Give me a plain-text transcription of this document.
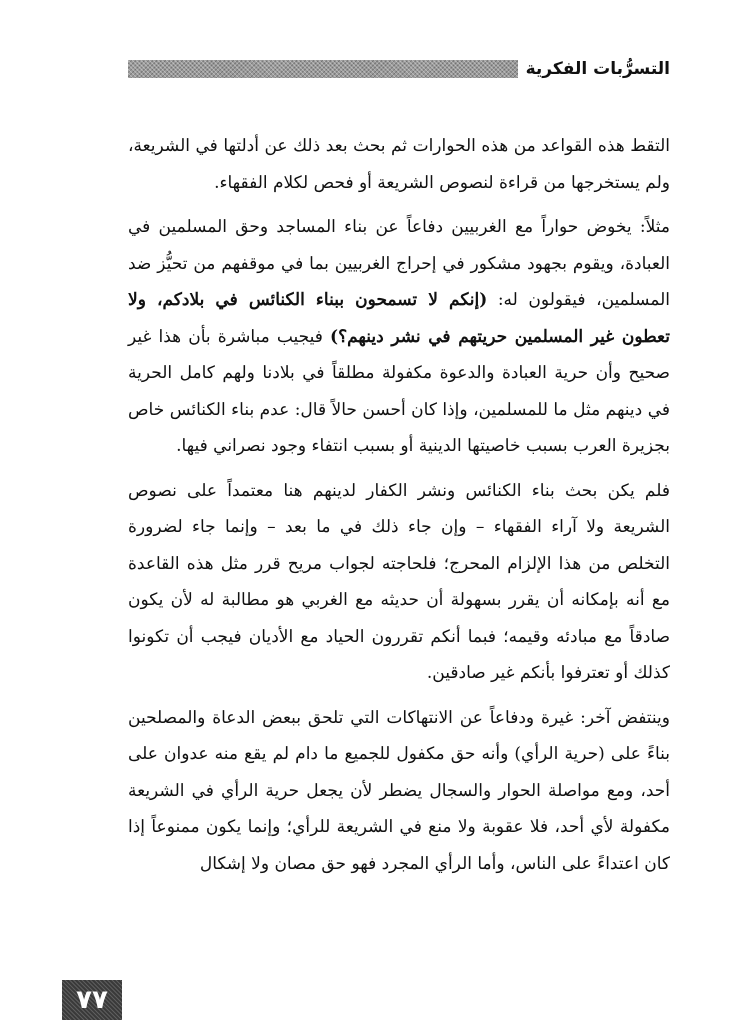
التسرُّبات الفكرية

التقط هذه القواعد من هذه الحوارات ثم بحث بعد ذلك عن أدلتها في الشريعة، ولم يستخرجها من قراءة لنصوص الشريعة أو فحص لكلام الفقهاء.

مثلاً: يخوض حواراً مع الغربيين دفاعاً عن بناء المساجد وحق المسلمين في العبادة، ويقوم بجهود مشكور في إحراج الغربيين بما في موقفهم من تحيُّز ضد المسلمين، فيقولون له: (إنكم لا تسمحون ببناء الكنائس في بلادكم، ولا تعطون غير المسلمين حريتهم في نشر دينهم؟) فيجيب مباشرة بأن هذا غير صحيح وأن حرية العبادة والدعوة مكفولة مطلقاً في بلادنا ولهم كامل الحرية في دينهم مثل ما للمسلمين، وإذا كان أحسن حالاً قال: عدم بناء الكنائس خاص بجزيرة العرب بسبب خاصيتها الدينية أو بسبب انتفاء وجود نصراني فيها.

فلم يكن بحث بناء الكنائس ونشر الكفار لدينهم هنا معتمداً على نصوص الشريعة ولا آراء الفقهاء – وإن جاء ذلك في ما بعد – وإنما جاء لضرورة التخلص من هذا الإلزام المحرج؛ فلحاجته لجواب مريح قرر مثل هذه القاعدة مع أنه بإمكانه أن يقرر بسهولة أن حديثه مع الغربي هو مطالبة له لأن يكون صادقاً مع مبادئه وقيمه؛ فبما أنكم تقررون الحياد مع الأديان فيجب أن تكونوا كذلك أو تعترفوا بأنكم غير صادقين.

وينتفض آخر: غيرة ودفاعاً عن الانتهاكات التي تلحق ببعض الدعاة والمصلحين بناءً على (حرية الرأي) وأنه حق مكفول للجميع ما دام لم يقع منه عدوان على أحد، ومع مواصلة الحوار والسجال يضطر لأن يجعل حرية الرأي في الشريعة مكفولة لأي أحد، فلا عقوبة ولا منع في الشريعة للرأي؛ وإنما يكون ممنوعاً إذا كان اعتداءً على الناس، وأما الرأي المجرد فهو حق مصان ولا إشكال

٧٧
